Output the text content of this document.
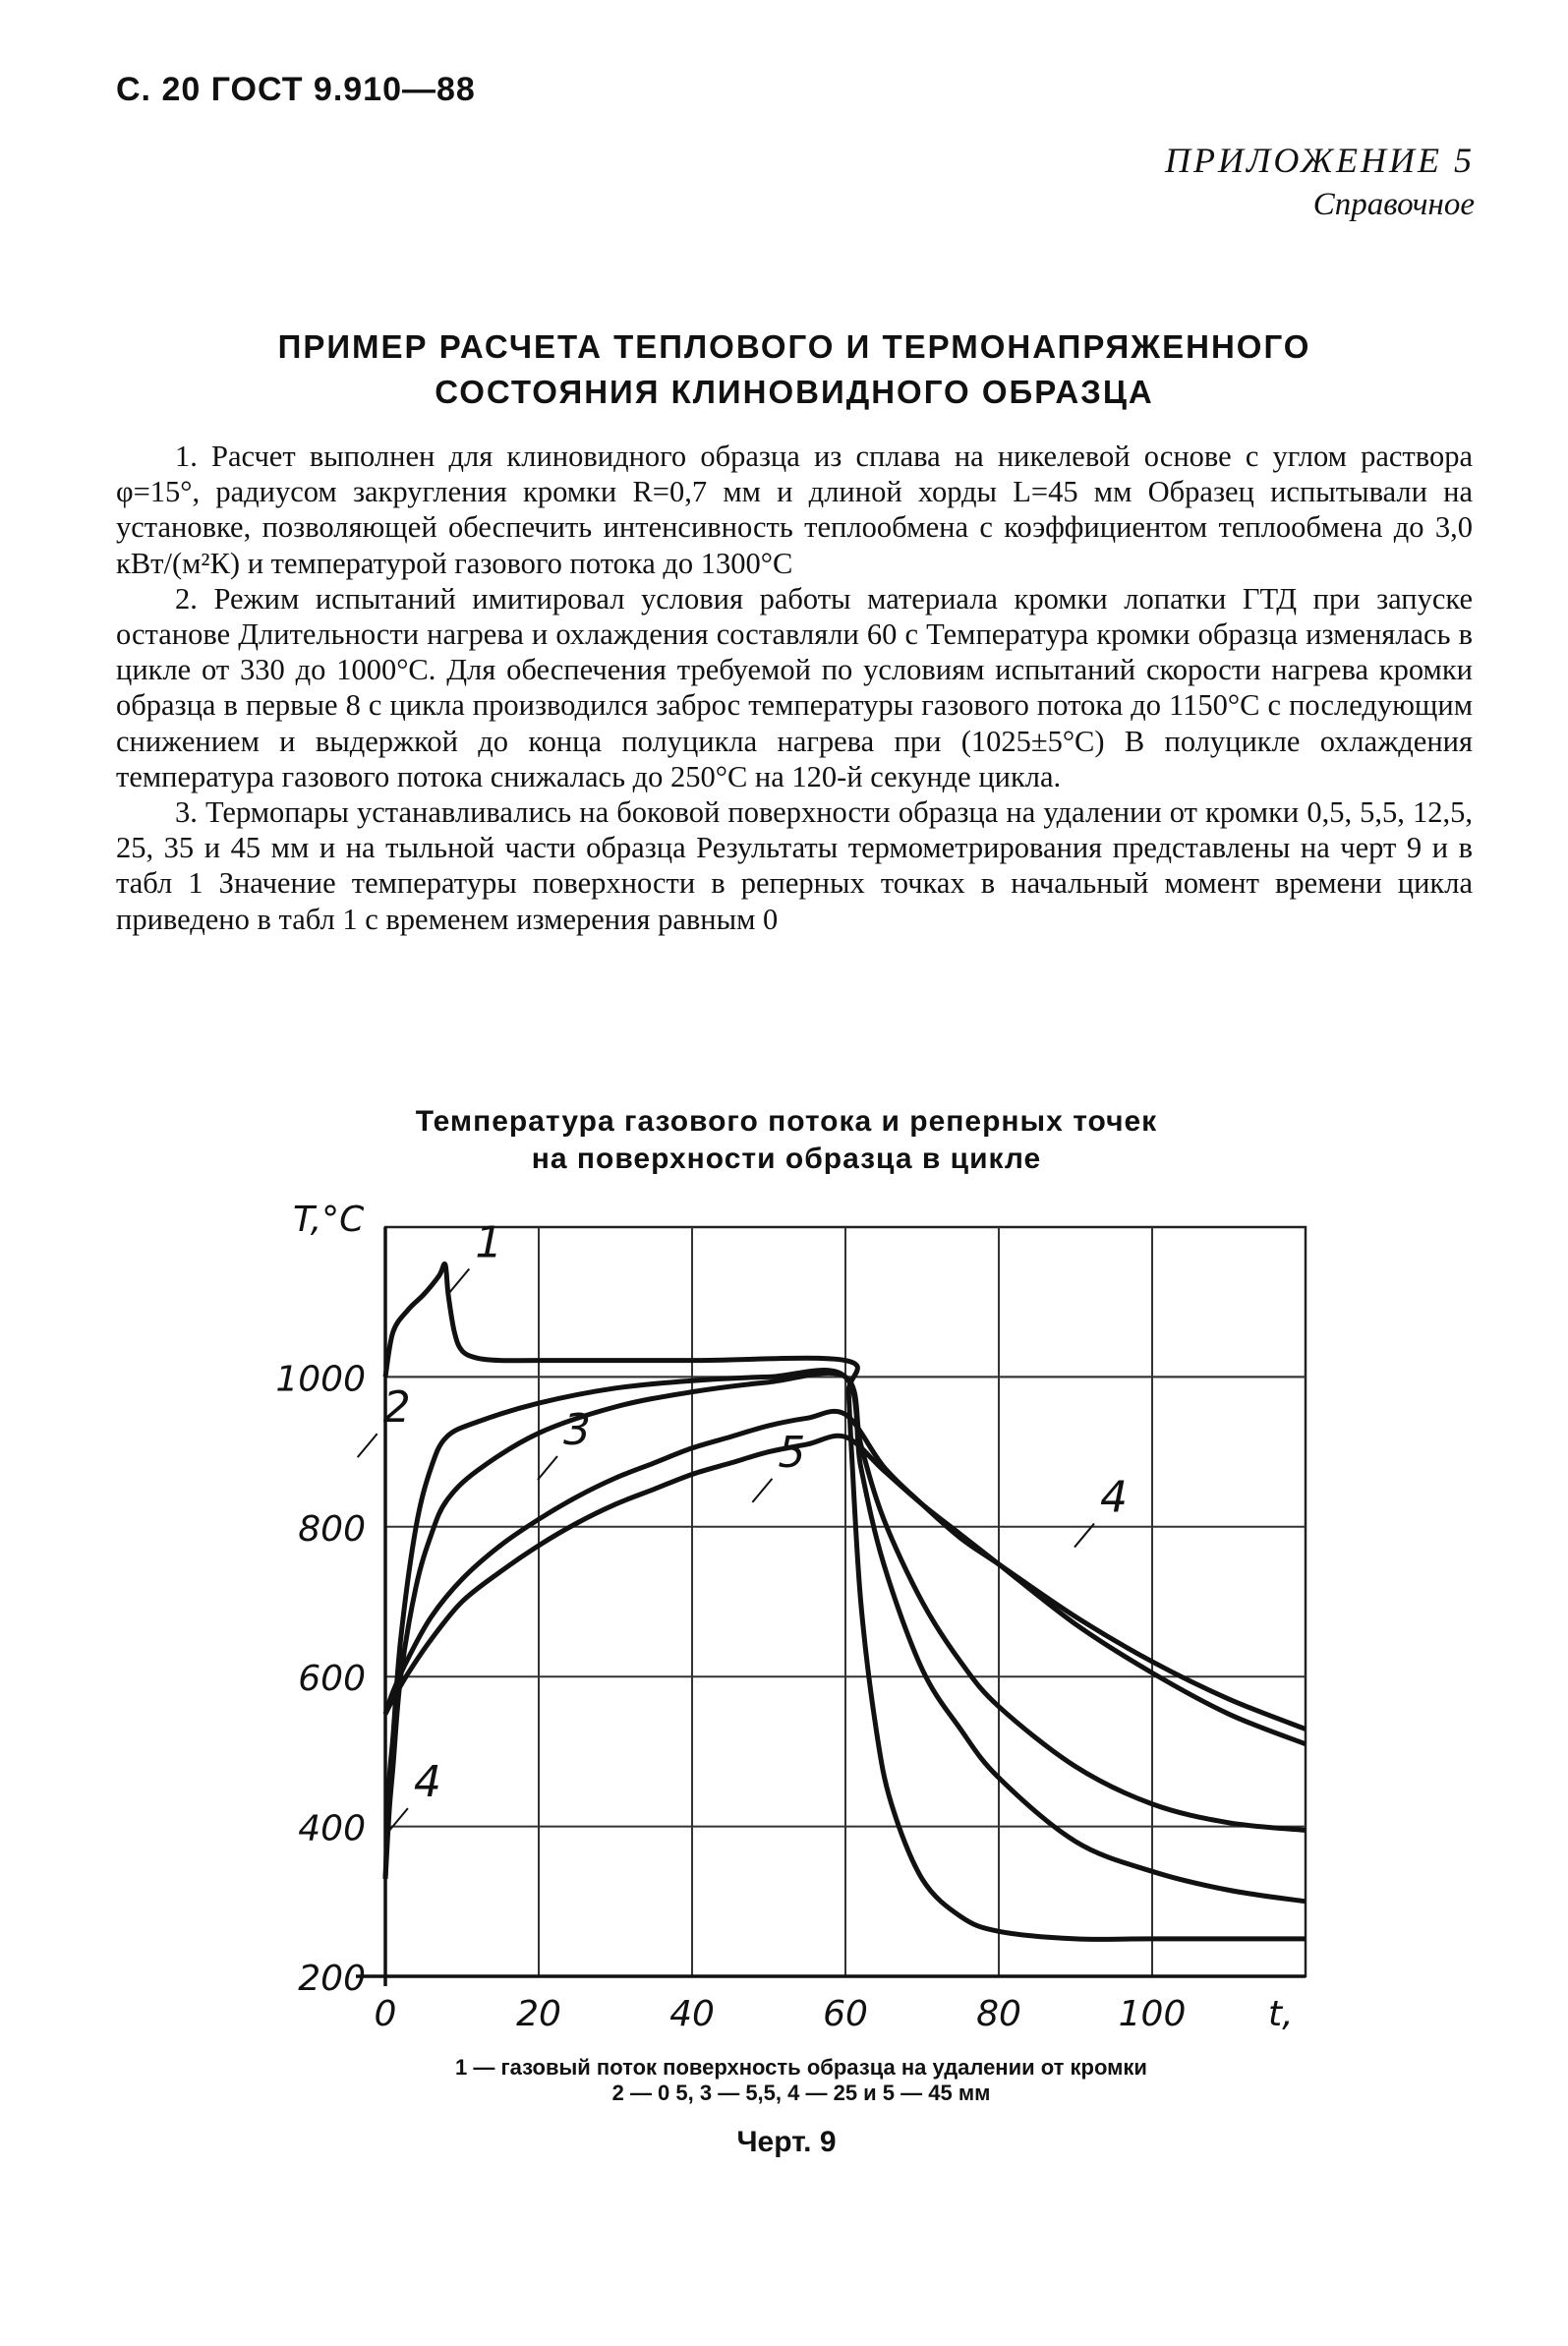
С. 20 ГОСТ 9.910—88
ПРИЛОЖЕНИЕ 5
Справочное
ПРИМЕР РАСЧЕТА ТЕПЛОВОГО И ТЕРМОНАПРЯЖЕННОГО
СОСТОЯНИЯ КЛИНОВИДНОГО ОБРАЗЦА

1. Расчет выполнен для клиновидного образца из сплава на никелевой основе с углом раствора φ=15°, радиусом закругления кромки R=0,7 мм и длиной хорды L=45 мм Образец испытывали на установке, позволяющей обеспечить интенсивность теплообмена с коэффициентом теплообмена до 3,0 кВт/(м²К) и температурой газового потока до 1300°С

2. Режим испытаний имитировал условия работы материала кромки лопатки ГТД при запуске останове Длительности нагрева и охлаждения составляли 60 с Температура кромки образца изменялась в цикле от 330 до 1000°С. Для обеспечения требуемой по условиям испытаний скорости нагрева кромки образца в первые 8 с цикла производился заброс температуры газового потока до 1150°С с последующим снижением и выдержкой до конца полуцикла нагрева при (1025±5°С) В полуцикле охлаждения температура газового потока снижалась до 250°С на 120-й секунде цикла.

3. Термопары устанавливались на боковой поверхности образца на удалении от кромки 0,5, 5,5, 12,5, 25, 35 и 45 мм и на тыльной части образца Результаты термометрирования представлены на черт 9 и в табл 1 Значение температуры поверхности в реперных точках в начальный момент времени цикла приведено в табл 1 с временем измерения равным 0

Температура газового потока и реперных точек
на поверхности образца в цикле
0	20	40	60	80	100
200
400
600
800
1000
1
2	3
4
5
4
T,°C
t,
1 — газовый поток поверхность образца на удалении от кромки
2 — 0 5, 3 — 5,5, 4 — 25 и 5 — 45 мм
Черт. 9
